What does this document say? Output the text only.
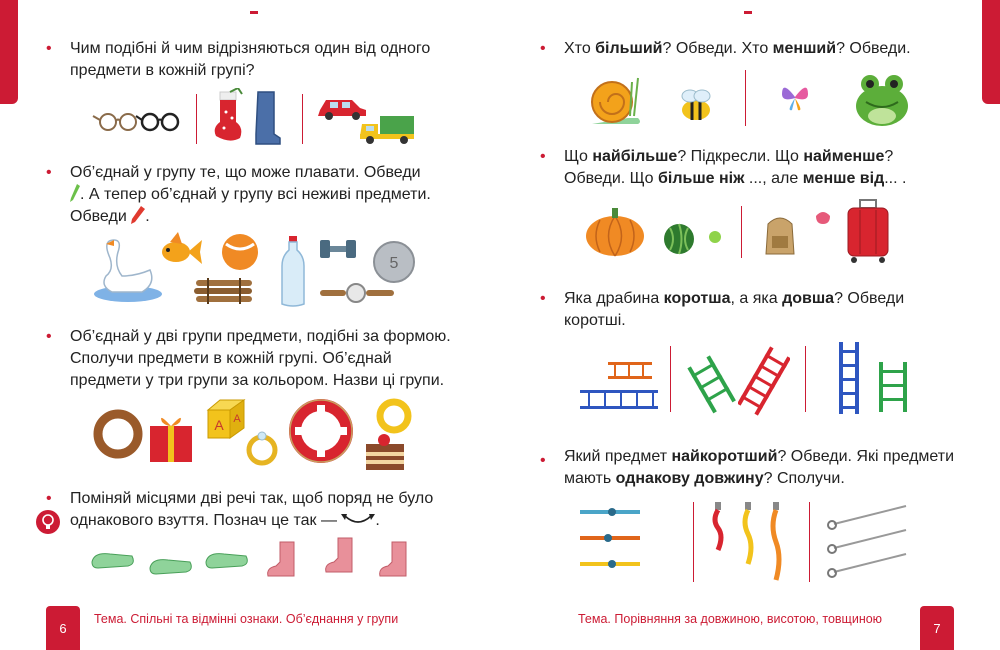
• Чим подібні й чим відрізняються один від одного предмети в кожній групі?
• Об’єднай у групу те, що може плавати. Обведи
. А тепер об’єднай у групу всі неживі предмети.
Обведи .
5
• Об’єднай у дві групи предмети, подібні за формою. Сполучи предмети в кожній групі. Об’єднай предмети у три групи за кольором. Назви ці групи.
A A
• Поміняй місцями дві речі так, щоб поряд не було однакового взуття. Познач це так — .
6
Тема. Спільні та відмінні ознаки. Об’єднання у групи
• Хто більший? Обведи. Хто менший? Обведи.
• Що найбільше? Підкресли. Що найменше? Обведи. Що більше ніж ..., але менше від... .
• Яка драбина коротша, а яка довша? Обведи коротші.
• Який предмет найкоротший? Обведи. Які предмети мають однакову довжину? Сполучи.
Тема. Порівняння за довжиною, висотою, товщиною
7
